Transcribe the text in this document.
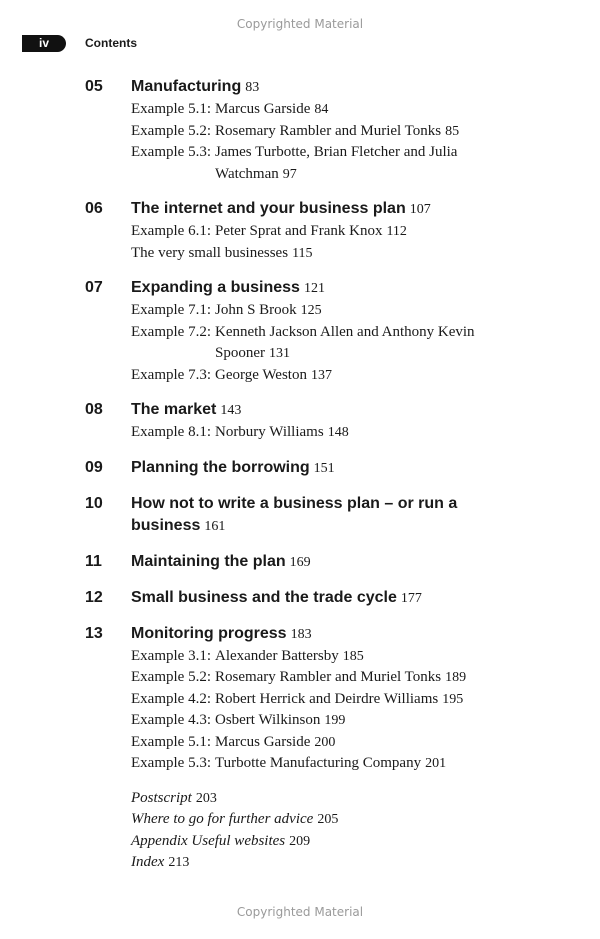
Copyrighted Material
iv	Contents
05 Manufacturing 83
Example 5.1: Marcus Garside 84
Example 5.2: Rosemary Rambler and Muriel Tonks 85
Example 5.3: James Turbotte, Brian Fletcher and Julia Watchman 97
06 The internet and your business plan 107
Example 6.1: Peter Sprat and Frank Knox 112
The very small businesses 115
07 Expanding a business 121
Example 7.1: John S Brook 125
Example 7.2: Kenneth Jackson Allen and Anthony Kevin Spooner 131
Example 7.3: George Weston 137
08 The market 143
Example 8.1: Norbury Williams 148
09 Planning the borrowing 151
10 How not to write a business plan – or run a business 161
11 Maintaining the plan 169
12 Small business and the trade cycle 177
13 Monitoring progress 183
Example 3.1: Alexander Battersby 185
Example 5.2: Rosemary Rambler and Muriel Tonks 189
Example 4.2: Robert Herrick and Deirdre Williams 195
Example 4.3: Osbert Wilkinson 199
Example 5.1: Marcus Garside 200
Example 5.3: Turbotte Manufacturing Company 201
Postscript 203
Where to go for further advice 205
Appendix Useful websites 209
Index 213
Copyrighted Material
